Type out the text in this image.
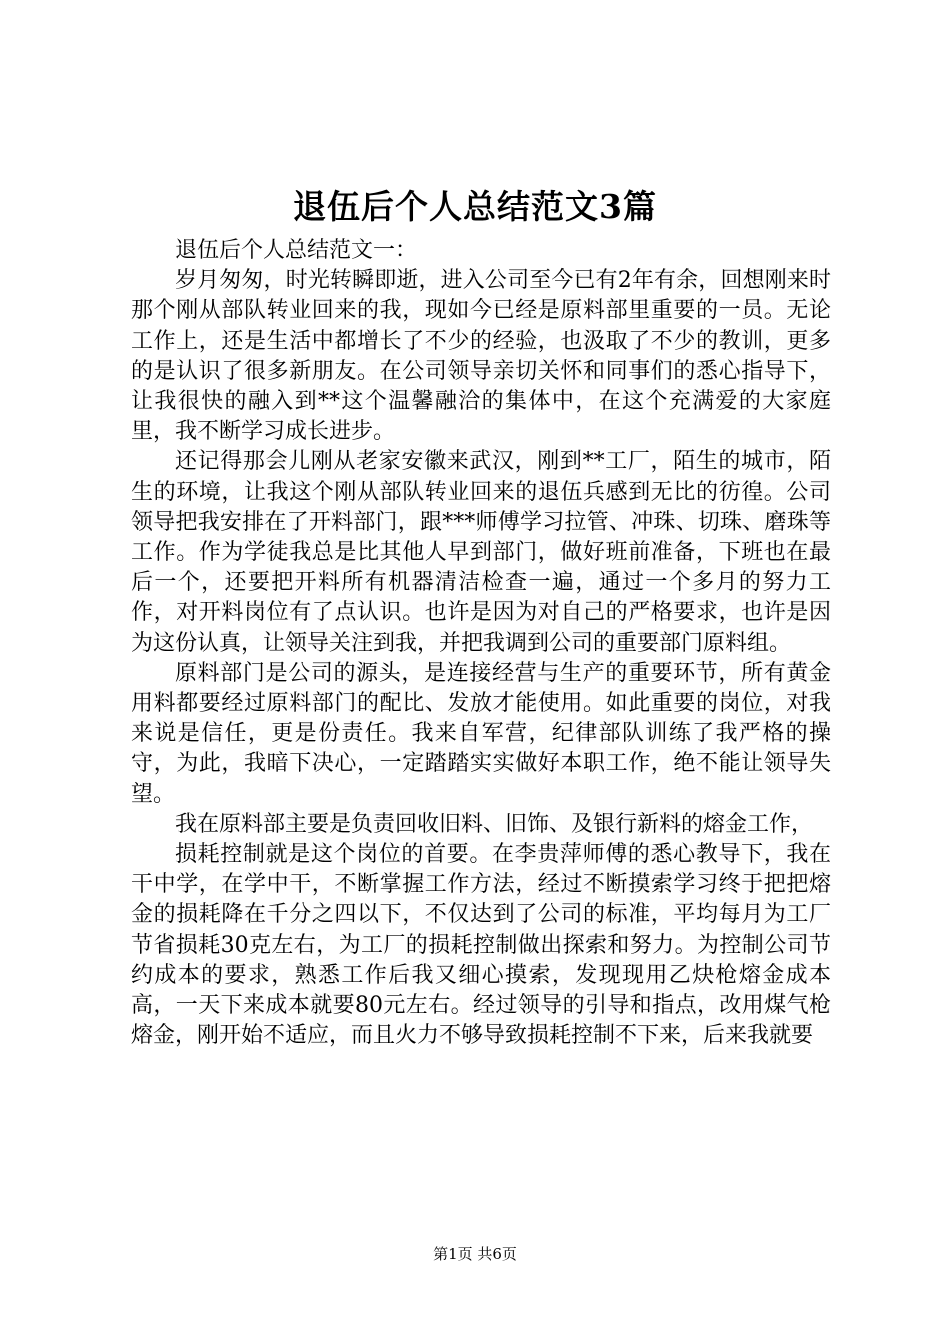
退伍后个人总结范文3篇

退伍后个人总结范文一：

岁月匆匆，时光转瞬即逝，进入公司至今已有2年有余，回想刚来时那个刚从部队转业回来的我，现如今已经是原料部里重要的一员。无论工作上，还是生活中都增长了不少的经验，也汲取了不少的教训，更多的是认识了很多新朋友。在公司领导亲切关怀和同事们的悉心指导下，让我很快的融入到**这个温馨融洽的集体中，在这个充满爱的大家庭里，我不断学习成长进步。

还记得那会儿刚从老家安徽来武汉，刚到**工厂，陌生的城市，陌生的环境，让我这个刚从部队转业回来的退伍兵感到无比的彷徨。公司领导把我安排在了开料部门，跟***师傅学习拉管、冲珠、切珠、磨珠等工作。作为学徒我总是比其他人早到部门，做好班前准备，下班也在最后一个，还要把开料所有机器清洁检查一遍，通过一个多月的努力工作，对开料岗位有了点认识。也许是因为对自己的严格要求，也许是因为这份认真，让领导关注到我，并把我调到公司的重要部门原料组。

原料部门是公司的源头，是连接经营与生产的重要环节，所有黄金用料都要经过原料部门的配比、发放才能使用。如此重要的岗位，对我来说是信任，更是份责任。我来自军营，纪律部队训练了我严格的操守，为此，我暗下决心，一定踏踏实实做好本职工作，绝不能让领导失望。

我在原料部主要是负责回收旧料、旧饰、及银行新料的熔金工作，

损耗控制就是这个岗位的首要。在李贵萍师傅的悉心教导下，我在干中学，在学中干，不断掌握工作方法，经过不断摸索学习终于把把熔金的损耗降在千分之四以下，不仅达到了公司的标准，平均每月为工厂节省损耗30克左右，为工厂的损耗控制做出探索和努力。为控制公司节约成本的要求，熟悉工作后我又细心摸索，发现现用乙炔枪熔金成本高，一天下来成本就要80元左右。经过领导的引导和指点，改用煤气枪熔金，刚开始不适应，而且火力不够导致损耗控制不下来，后来我就要

第1页 共6页
